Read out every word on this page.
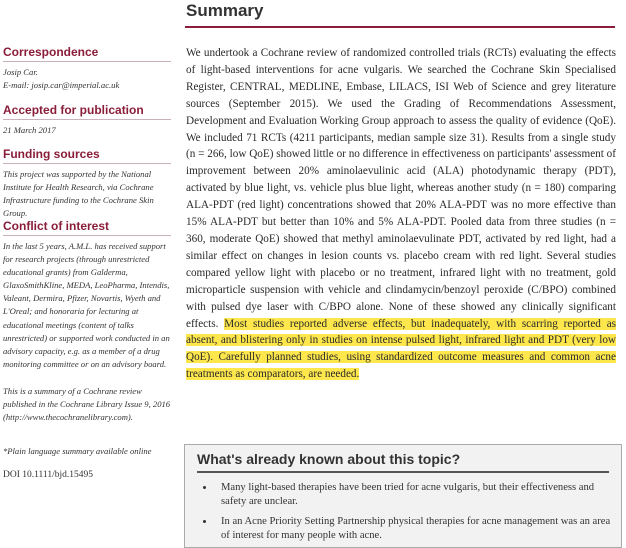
Summary

Correspondence

Josip Car.

E-mail: josip.car@imperial.ac.uk

Accepted for publication

21 March 2017

Funding sources

This project was supported by the National Institute for Health Research, via Cochrane Infrastructure funding to the Cochrane Skin Group.

Conflict of interest

In the last 5 years, A.M.L. has received support for research projects (through unrestricted educational grants) from Galderma, GlaxoSmithKline, MEDA, LeoPharma, Intendis, Valeant, Dermira, Pfizer, Novartis, Wyeth and L'Oreal; and honoraria for lecturing at educational meetings (content of talks unrestricted) or supported work conducted in an advisory capacity, e.g. as a member of a drug monitoring committee or on an advisory board.

This is a summary of a Cochrane review published in the Cochrane Library Issue 9, 2016 (http://www.thecochranelibrary.com).

*Plain language summary available online

DOI 10.1111/bjd.15495

We undertook a Cochrane review of randomized controlled trials (RCTs) evaluating the effects of light-based interventions for acne vulgaris. We searched the Cochrane Skin Specialised Register, CENTRAL, MEDLINE, Embase, LILACS, ISI Web of Science and grey literature sources (September 2015). We used the Grading of Recommendations Assessment, Development and Evaluation Working Group approach to assess the quality of evidence (QoE). We included 71 RCTs (4211 participants, median sample size 31). Results from a single study (n = 266, low QoE) showed little or no difference in effectiveness on participants' assessment of improvement between 20% aminolaevulinic acid (ALA) photodynamic therapy (PDT), activated by blue light, vs. vehicle plus blue light, whereas another study (n = 180) comparing ALA-PDT (red light) concentrations showed that 20% ALA-PDT was no more effective than 15% ALA-PDT but better than 10% and 5% ALA-PDT. Pooled data from three studies (n = 360, moderate QoE) showed that methyl aminolaevulinate PDT, activated by red light, had a similar effect on changes in lesion counts vs. placebo cream with red light. Several studies compared yellow light with placebo or no treatment, infrared light with no treatment, gold microparticle suspension with vehicle and clindamycin/benzoyl peroxide (C/BPO) combined with pulsed dye laser with C/BPO alone. None of these showed any clinically significant effects. Most studies reported adverse effects, but inadequately, with scarring reported as absent, and blistering only in studies on intense pulsed light, infrared light and PDT (very low QoE). Carefully planned studies, using standardized outcome measures and common acne treatments as comparators, are needed.
What's already known about this topic?
• Many light-based therapies have been tried for acne vulgaris, but their effectiveness and safety are unclear.
• In an Acne Priority Setting Partnership physical therapies for acne management was an area of interest for many people with acne.
